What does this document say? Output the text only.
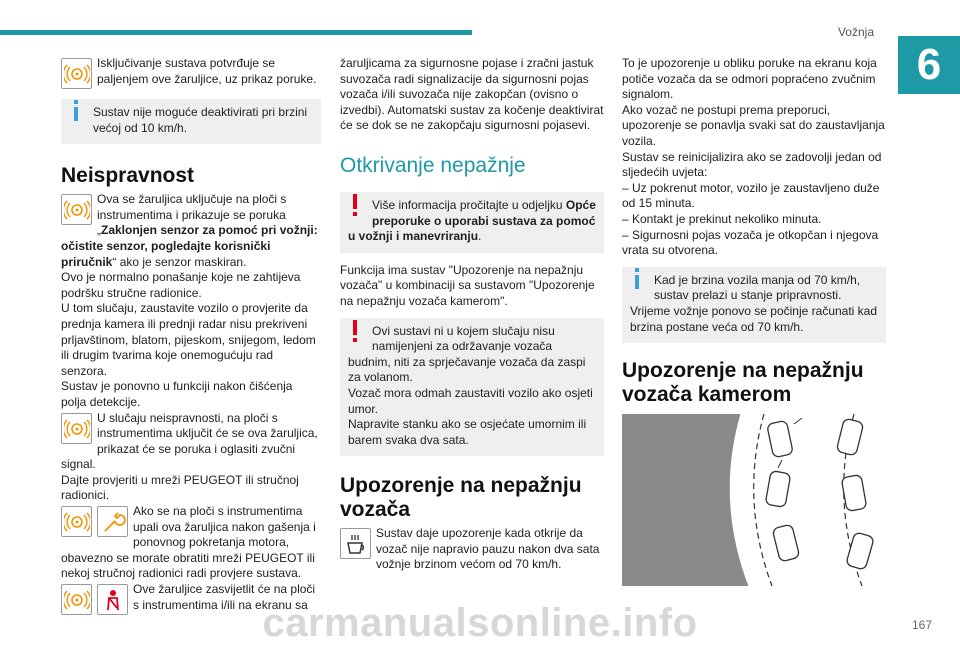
Vožnja
6
167

Isključivanje sustava potvrđuje se paljenjem ove žaruljice, uz prikaz poruke.

Sustav nije moguće deaktivirati pri brzini većoj od 10 km/h.

Neispravnost

Ova se žaruljica uključuje na ploči s instrumentima i prikazuje se poruka „Zaklonjen senzor za pomoć pri vožnji: očistite senzor, pogledajte korisnički priručnik“ ako je senzor maskiran.

Ovo je normalno ponašanje koje ne zahtijeva podršku stručne radionice.

U tom slučaju, zaustavite vozilo o provjerite da prednja kamera ili prednji radar nisu prekriveni prljavštinom, blatom, pijeskom, snijegom, ledom ili drugim tvarima koje onemogućuju rad senzora.

Sustav je ponovno u funkciji nakon čišćenja polja detekcije.

U slučaju neispravnosti, na ploči s instrumentima uključit će se ova žaruljica, prikazat će se poruka i oglasiti zvučni signal.

Dajte provjeriti u mreži PEUGEOT ili stručnoj radionici.

Ako se na ploči s instrumentima upali ova žaruljica nakon gašenja i ponovnog pokretanja motora, obavezno se morate obratiti mreži PEUGEOT ili nekoj stručnoj radionici radi provjere sustava.

Ove žaruljice zasvijetlit će na ploči s instrumentima i/ili na ekranu sa

žaruljicama za sigurnosne pojase i zračni jastuk suvozača radi signalizacije da sigurnosni pojas vozača i/ili suvozača nije zakopčan (ovisno o izvedbi). Automatski sustav za kočenje deaktivirat će se dok se ne zakopčaju sigurnosni pojasevi.

Otkrivanje nepažnje

Više informacija pročitajte u odjeljku Opće preporuke o uporabi sustava za pomoć u vožnji i manevriranju.

Funkcija ima sustav "Upozorenje na nepažnju vozača" u kombinaciji sa sustavom "Upozorenje na nepažnju vozača kamerom".

Ovi sustavi ni u kojem slučaju nisu namijenjeni za održavanje vozača budnim, niti za sprječavanje vozača da zaspi za volanom.

Vozač mora odmah zaustaviti vozilo ako osjeti umor.

Napravite stanku ako se osjećate umornim ili barem svaka dva sata.

Upozorenje na nepažnju vozača

Sustav daje upozorenje kada otkrije da vozač nije napravio pauzu nakon dva sata vožnje brzinom većom od 70 km/h.

To je upozorenje u obliku poruke na ekranu koja potiče vozača da se odmori popraćeno zvučnim signalom.

Ako vozač ne postupi prema preporuci, upozorenje se ponavlja svaki sat do zaustavljanja vozila.

Sustav se reinicijalizira ako se zadovolji jedan od sljedećih uvjeta:

– Uz pokrenut motor, vozilo je zaustavljeno duže od 15 minuta.

– Kontakt je prekinut nekoliko minuta.

– Sigurnosni pojas vozača je otkopčan i njegova vrata su otvorena.

Kad je brzina vozila manja od 70 km/h, sustav prelazi u stanje pripravnosti.

Vrijeme vožnje ponovo se počinje računati kad brzina postane veća od 70 km/h.

Upozorenje na nepažnju vozača kamerom
carmanualsonline.info
